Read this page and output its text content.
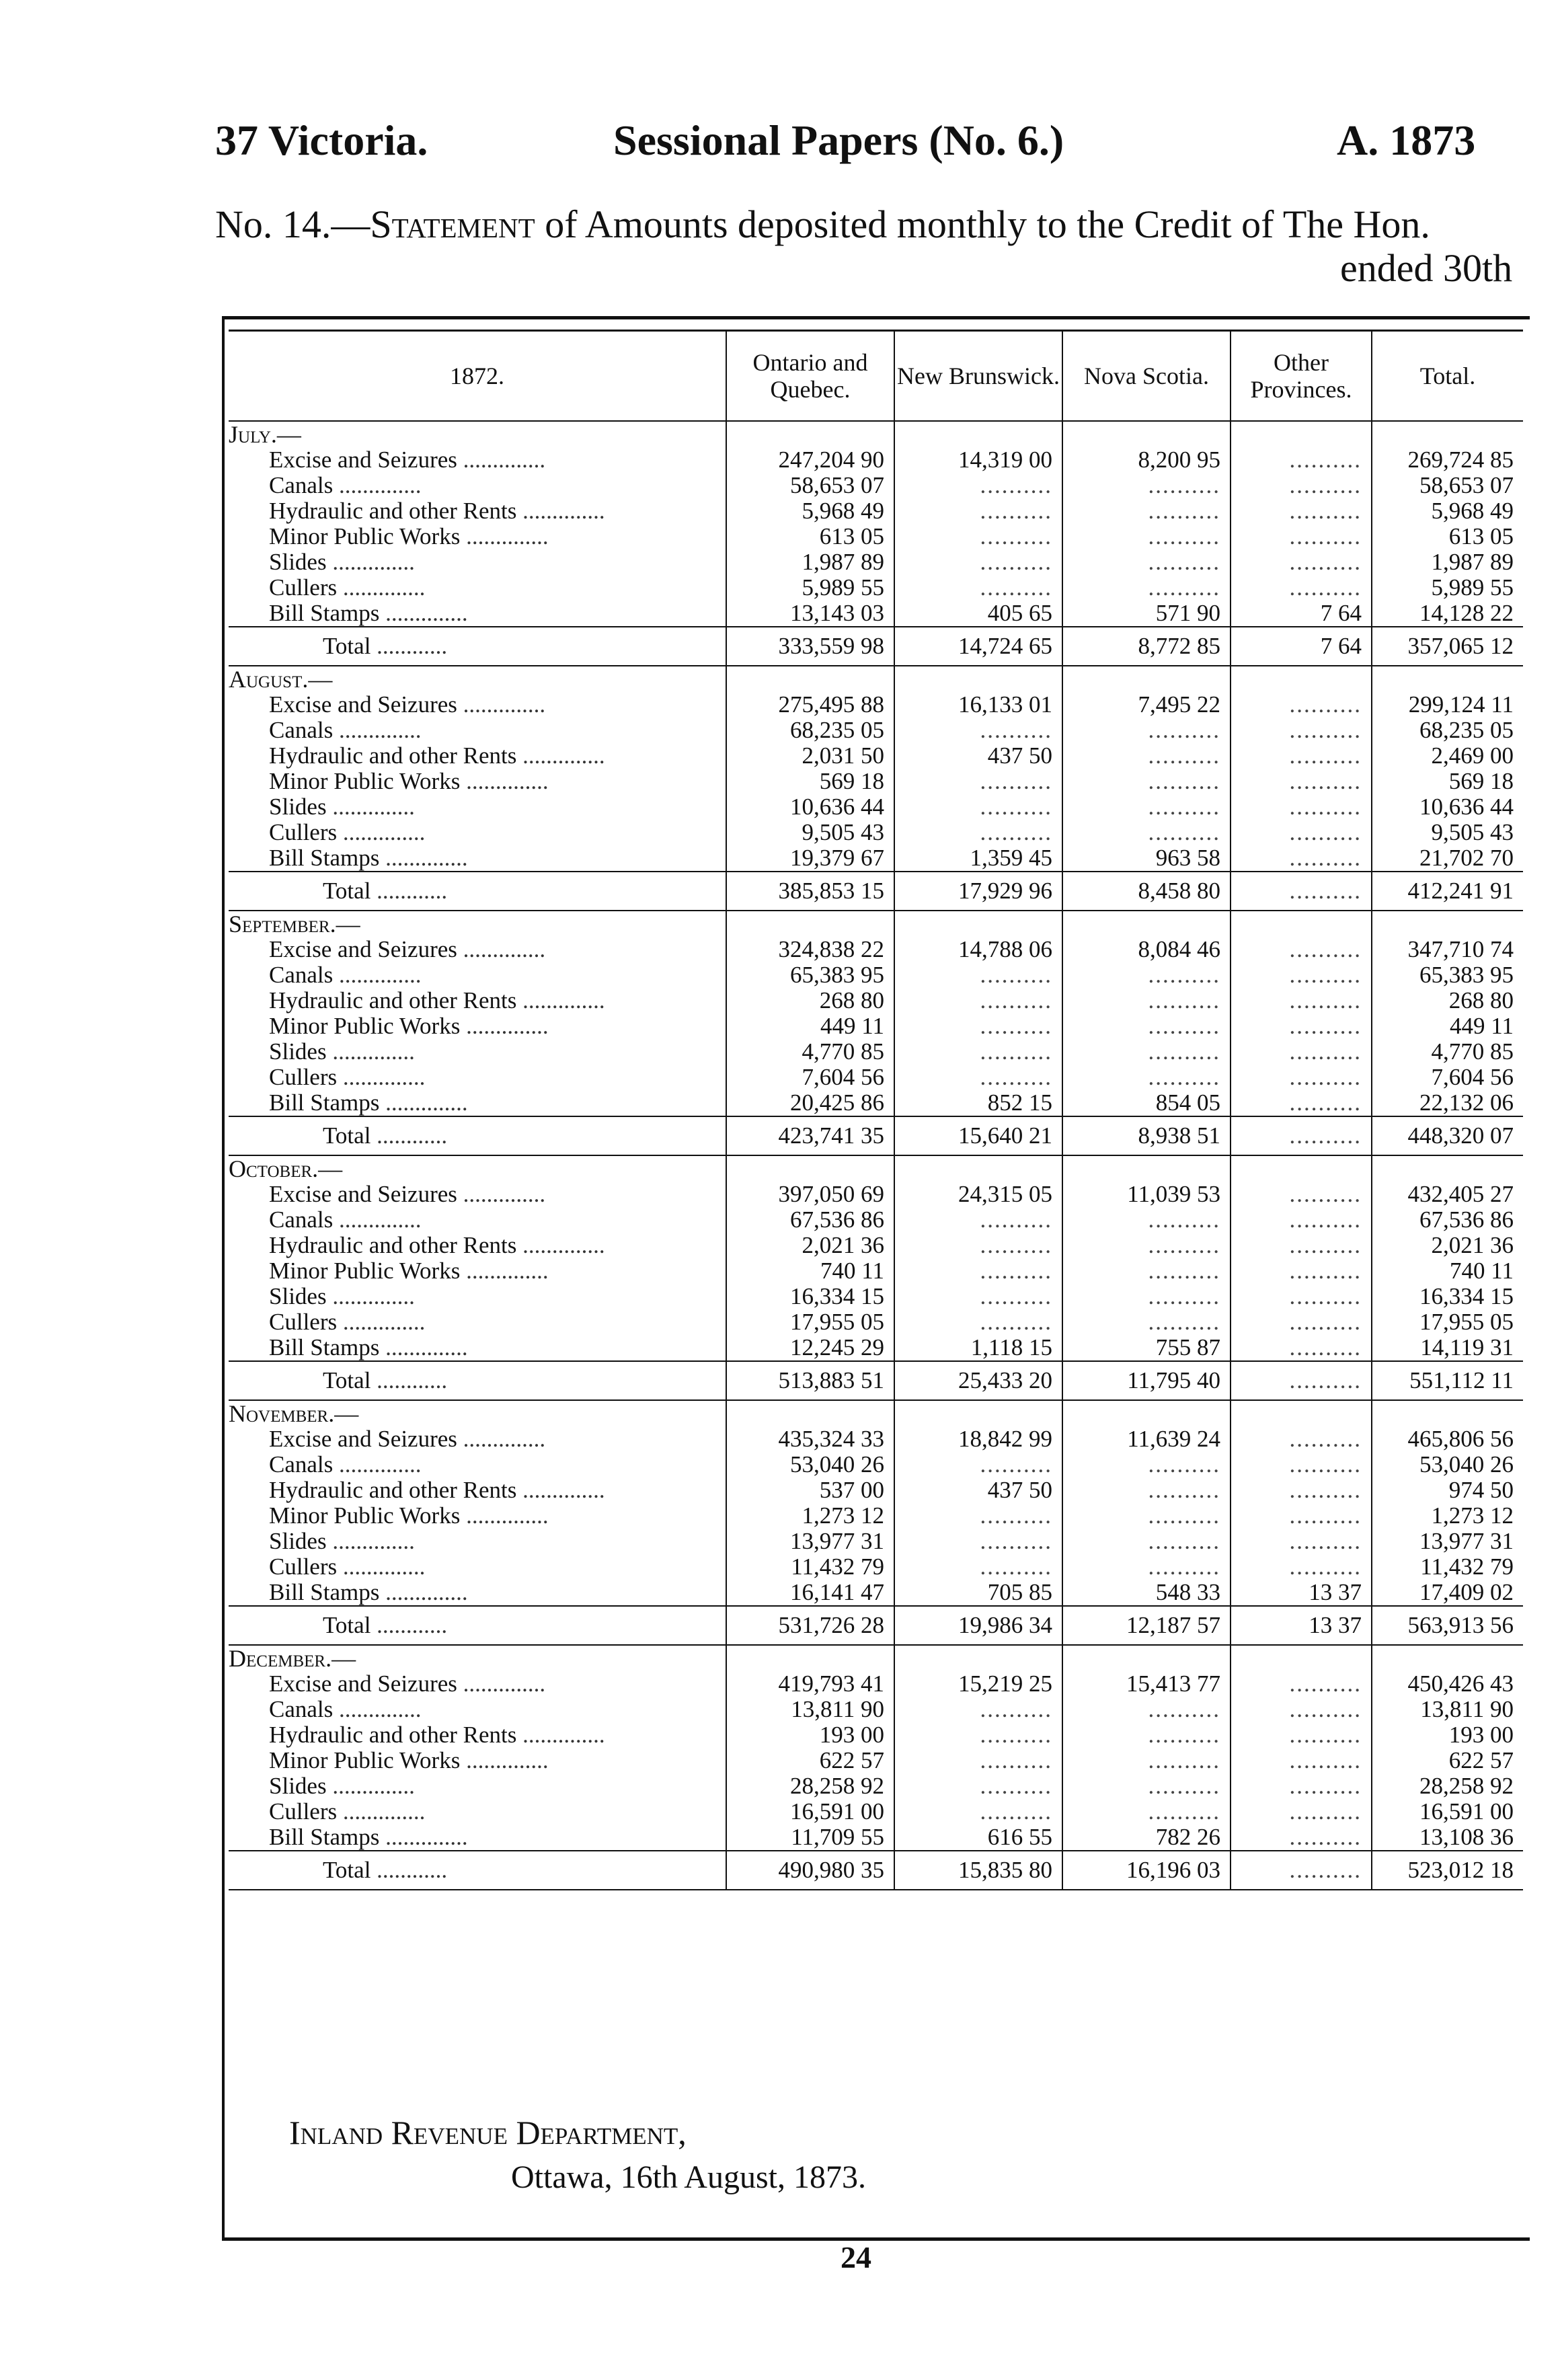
37 Victoria.	Sessional Papers (No. 6.)	A. 1873
No. 14.—Statement of Amounts deposited monthly to the Credit of The Hon.
ended 30th
1872.	Ontario and Quebec.	New Brunswick.	Nova Scotia.	Other Provinces.	Total.
July.—					
Excise and Seizures ..............	247,204 90	14,319 00	8,200 95	..........	269,724 85
Canals ..............	58,653 07	..........	..........	..........	58,653 07
Hydraulic and other Rents ..............	5,968 49	..........	..........	..........	5,968 49
Minor Public Works ..............	613 05	..........	..........	..........	613 05
Slides ..............	1,987 89	..........	..........	..........	1,987 89
Cullers ..............	5,989 55	..........	..........	..........	5,989 55
Bill Stamps ..............	13,143 03	405 65	571 90	7 64	14,128 22
Total ............	333,559 98	14,724 65	8,772 85	7 64	357,065 12
August.—					
Excise and Seizures ..............	275,495 88	16,133 01	7,495 22	..........	299,124 11
Canals ..............	68,235 05	..........	..........	..........	68,235 05
Hydraulic and other Rents ..............	2,031 50	437 50	..........	..........	2,469 00
Minor Public Works ..............	569 18	..........	..........	..........	569 18
Slides ..............	10,636 44	..........	..........	..........	10,636 44
Cullers ..............	9,505 43	..........	..........	..........	9,505 43
Bill Stamps ..............	19,379 67	1,359 45	963 58	..........	21,702 70
Total ............	385,853 15	17,929 96	8,458 80	..........	412,241 91
September.—					
Excise and Seizures ..............	324,838 22	14,788 06	8,084 46	..........	347,710 74
Canals ..............	65,383 95	..........	..........	..........	65,383 95
Hydraulic and other Rents ..............	268 80	..........	..........	..........	268 80
Minor Public Works ..............	449 11	..........	..........	..........	449 11
Slides ..............	4,770 85	..........	..........	..........	4,770 85
Cullers ..............	7,604 56	..........	..........	..........	7,604 56
Bill Stamps ..............	20,425 86	852 15	854 05	..........	22,132 06
Total ............	423,741 35	15,640 21	8,938 51	..........	448,320 07
October.—					
Excise and Seizures ..............	397,050 69	24,315 05	11,039 53	..........	432,405 27
Canals ..............	67,536 86	..........	..........	..........	67,536 86
Hydraulic and other Rents ..............	2,021 36	..........	..........	..........	2,021 36
Minor Public Works ..............	740 11	..........	..........	..........	740 11
Slides ..............	16,334 15	..........	..........	..........	16,334 15
Cullers ..............	17,955 05	..........	..........	..........	17,955 05
Bill Stamps ..............	12,245 29	1,118 15	755 87	..........	14,119 31
Total ............	513,883 51	25,433 20	11,795 40	..........	551,112 11
November.—					
Excise and Seizures ..............	435,324 33	18,842 99	11,639 24	..........	465,806 56
Canals ..............	53,040 26	..........	..........	..........	53,040 26
Hydraulic and other Rents ..............	537 00	437 50	..........	..........	974 50
Minor Public Works ..............	1,273 12	..........	..........	..........	1,273 12
Slides ..............	13,977 31	..........	..........	..........	13,977 31
Cullers ..............	11,432 79	..........	..........	..........	11,432 79
Bill Stamps ..............	16,141 47	705 85	548 33	13 37	17,409 02
Total ............	531,726 28	19,986 34	12,187 57	13 37	563,913 56
December.—					
Excise and Seizures ..............	419,793 41	15,219 25	15,413 77	..........	450,426 43
Canals ..............	13,811 90	..........	..........	..........	13,811 90
Hydraulic and other Rents ..............	193 00	..........	..........	..........	193 00
Minor Public Works ..............	622 57	..........	..........	..........	622 57
Slides ..............	28,258 92	..........	..........	..........	28,258 92
Cullers ..............	16,591 00	..........	..........	..........	16,591 00
Bill Stamps ..............	11,709 55	616 55	782 26	..........	13,108 36
Total ............	490,980 35	15,835 80	16,196 03	..........	523,012 18
Inland Revenue Department,
Ottawa, 16th August, 1873.
24
